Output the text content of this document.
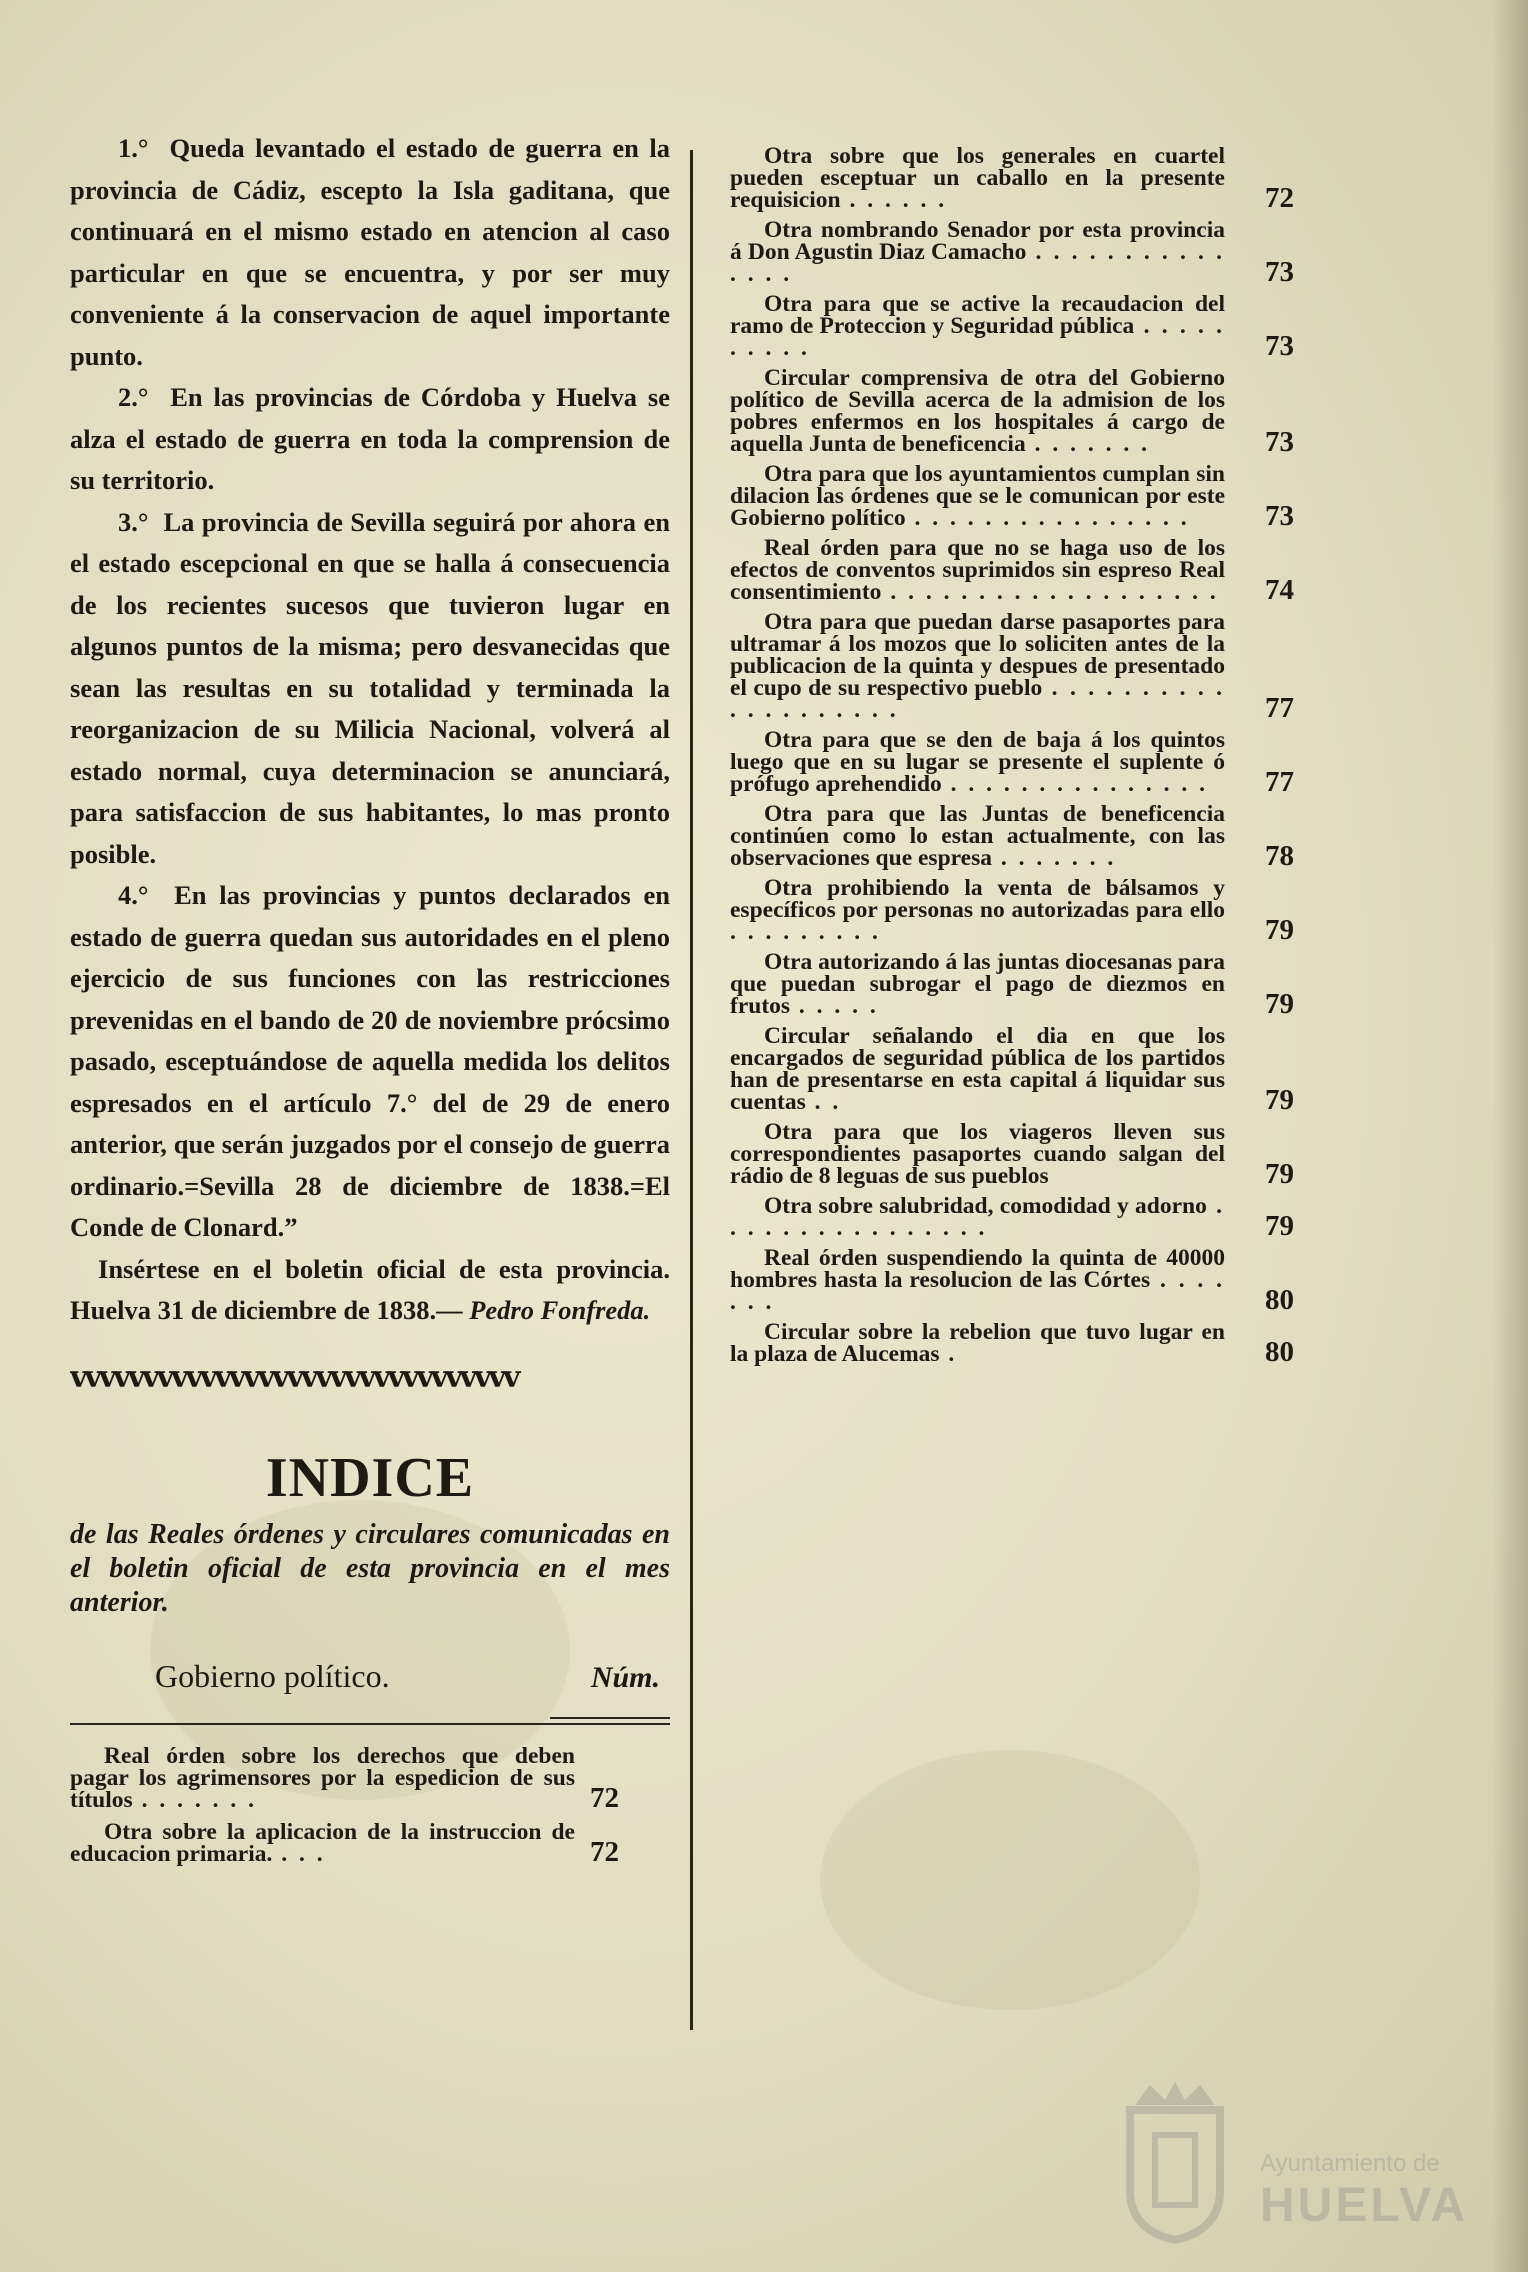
1.° Queda levantado el estado de guerra en la provincia de Cádiz, escepto la Isla gaditana, que continuará en el mismo estado en atencion al caso particular en que se encuentra, y por ser muy conveniente á la conservacion de aquel importante punto.

2.° En las provincias de Córdoba y Huelva se alza el estado de guerra en toda la comprension de su territorio.

3.° La provincia de Sevilla seguirá por ahora en el estado escepcional en que se halla á consecuencia de los recientes sucesos que tuvieron lugar en algunos puntos de la misma; pero desvanecidas que sean las resultas en su totalidad y terminada la reorganizacion de su Milicia Nacional, volverá al estado normal, cuya determinacion se anunciará, para satisfaccion de sus habitantes, lo mas pronto posible.

4.° En las provincias y puntos declarados en estado de guerra quedan sus autoridades en el pleno ejercicio de sus funciones con las restricciones prevenidas en el bando de 20 de noviembre prócsimo pasado, esceptuándose de aquella medida los delitos espresados en el artículo 7.° del de 29 de enero anterior, que serán juzgados por el consejo de guerra ordinario.=Sevilla 28 de diciembre de 1838.=El Conde de Clonard.”

Insértese en el boletin oficial de esta provincia. Huelva 31 de diciembre de 1838.— Pedro Fonfreda.

vvvvvvvvvvvvvvvvvvvvvvvvvvvvvvv
INDICE

de las Reales órdenes y circulares comunicadas en el boletin oficial de esta provincia en el mes anterior.

Gobierno político.	Núm.

Real órden sobre los derechos que deben pagar los agrimensores por la espedicion de sus títulos . . . . . . .	72

Otra sobre la aplicacion de la instruccion de educacion primaria. . . .	72

Otra sobre que los generales en cuartel pueden esceptuar un caballo en la presente requisicion . . . . . .	72

Otra nombrando Senador por esta provincia á Don Agustin Diaz Camacho . . . . . . . . . . . . . . .	73

Otra para que se active la recaudacion del ramo de Proteccion y Seguridad pública . . . . . . . . . .	73

Circular comprensiva de otra del Gobierno político de Sevilla acerca de la admision de los pobres enfermos en los hospitales á cargo de aquella Junta de beneficencia . . . . . . .	73

Otra para que los ayuntamientos cumplan sin dilacion las órdenes que se le comunican por este Gobierno político . . . . . . . . . . . . . . . .	73

Real órden para que no se haga uso de los efectos de conventos suprimidos sin espreso Real consentimiento . . . . . . . . . . . . . . . . . . . 74

Otra para que puedan darse pasaportes para ultramar á los mozos que lo soliciten antes de la publicacion de la quinta y despues de presentado el cupo de su respectivo pueblo . . . . . . . . . . . . . . . . . . . .	77

Otra para que se den de baja á los quintos luego que en su lugar se presente el suplente ó prófugo aprehendido . . . . . . . . . . . . . . .	77

Otra para que las Juntas de beneficencia continúen como lo estan actualmente, con las observaciones que espresa . . . . . . .	78

Otra prohibiendo la venta de bálsamos y específicos por personas no autorizadas para ello . . . . . . . . .	79

Otra autorizando á las juntas diocesanas para que puedan subrogar el pago de diezmos en frutos . . . . .	79

Circular señalando el dia en que los encargados de seguridad pública de los partidos han de presentarse en esta capital á liquidar sus cuentas . .	79

Otra para que los viageros lleven sus correspondientes pasaportes cuando salgan del rádio de 8 leguas de sus pueblos	79

Otra sobre salubridad, comodidad y adorno . . . . . . . . . . . . . . . .	79

Real órden suspendiendo la quinta de 40000 hombres hasta la resolucion de las Córtes . . . . . . .	80

Circular sobre la rebelion que tuvo lugar en la plaza de Alucemas .	80
Ayuntamiento de
HUELVA
